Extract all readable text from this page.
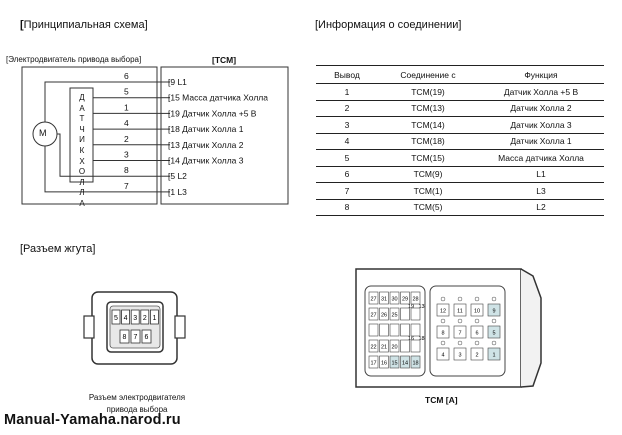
[Принципиальная схема]	[Информация о соединении]
[Разъем жгута]
[Электродвигатель привода выбора]	[TCM]
6
[9 L1
5
[15 Масса датчика Холла
1
[19 Датчик Холла +5 В
4
[18 Датчик Холла 1
2
[13 Датчик Холла 2
3
[14 Датчик Холла 3
8
[5 L2
7
[1 L3
M
Д
А
Т
Ч
И
К
Х
О
Л
Л
А
Вывод	Соединение с	Функция
1	TCM(19)	Датчик Холла +5 В
2	TCM(13)	Датчик Холла 2
3	TCM(14)	Датчик Холла 3
4	TCM(18)	Датчик Холла 1
5	TCM(15)	Масса датчика Холла
6	TCM(9)	L1
7	TCM(1)	L3
8	TCM(5)	L2
5 4 3 2 1
8 7 6
Разъем электродвигателя
привода выбора
27 31 30 29 28
27 26 25
22 21 20
17 16 15 14 18
19 13
16 18
12 11 10 9
8	7	6	5
4	3	2	1
TCM [A]
Manual-Yamaha.narod.ru
